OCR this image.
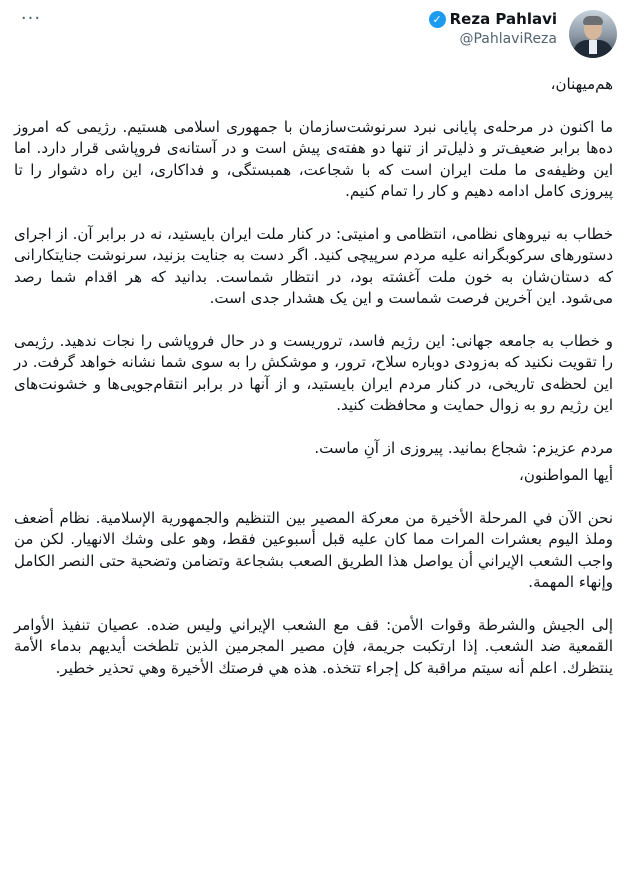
···	✓ Reza Pahlavi
@PahlaviReza

هم‌میهنان،

ما اکنون در مرحله‌ی پایانی نبرد سرنوشت‌سازمان با جمهوری اسلامی هستیم. رژیمی که امروز ده‌ها برابر ضعیف‌تر و ذلیل‌تر از تنها دو هفته‌ی پیش است و در آستانه‌ی فروپاشی قرار دارد. اما این وظیفه‌ی ما ملت ایران است که با شجاعت، همبستگی، و فداکاری، این راه دشوار را تا پیروزی کامل ادامه دهیم و کار را تمام کنیم.

خطاب به نیروهای نظامی، انتظامی و امنیتی: در کنار ملت ایران بایستید، نه در برابر آن. از اجرای دستورهای سرکوبگرانه علیه مردم سرپیچی کنید. اگر دست به جنایت بزنید، سرنوشت جنایتکارانی که دستان‌شان به خون ملت آغشته بود، در انتظار شماست. بدانید که هر اقدام شما رصد می‌شود. این آخرین فرصت شماست و این یک هشدار جدی است.

و خطاب به جامعه جهانی: این رژیم فاسد، تروریست و در حال فروپاشی را نجات ندهید. رژیمی را تقویت نکنید که به‌زودی دوباره سلاح، ترور، و موشکش را به سوی شما نشانه خواهد گرفت. در این لحظه‌ی تاریخی، در کنار مردم ایران بایستید، و از آنها در برابر انتقام‌جویی‌ها و خشونت‌های این رژیم رو به زوال حمایت و محافظت کنید.

مردم عزیزم: شجاع بمانید. پیروزی از آنِ ماست.

أيها المواطنون،

نحن الآن في المرحلة الأخيرة من معركة المصير بين التنظيم والجمهورية الإسلامية. نظام أضعف وملذ اليوم بعشرات المرات مما كان عليه قبل أسبوعين فقط، وهو على وشك الانهيار. لكن من واجب الشعب الإيراني أن يواصل هذا الطريق الصعب بشجاعة وتضامن وتضحية حتى النصر الكامل وإنهاء المهمة.

إلى الجيش والشرطة وقوات الأمن: قف مع الشعب الإيراني وليس ضده. عصيان تنفيذ الأوامر القمعية ضد الشعب. إذا ارتكبت جريمة، فإن مصير المجرمين الذين تلطخت أيديهم بدماء الأمة ينتظرك. اعلم أنه سيتم مراقبة كل إجراء تتخذه. هذه هي فرصتك الأخيرة وهي تحذير خطير.
